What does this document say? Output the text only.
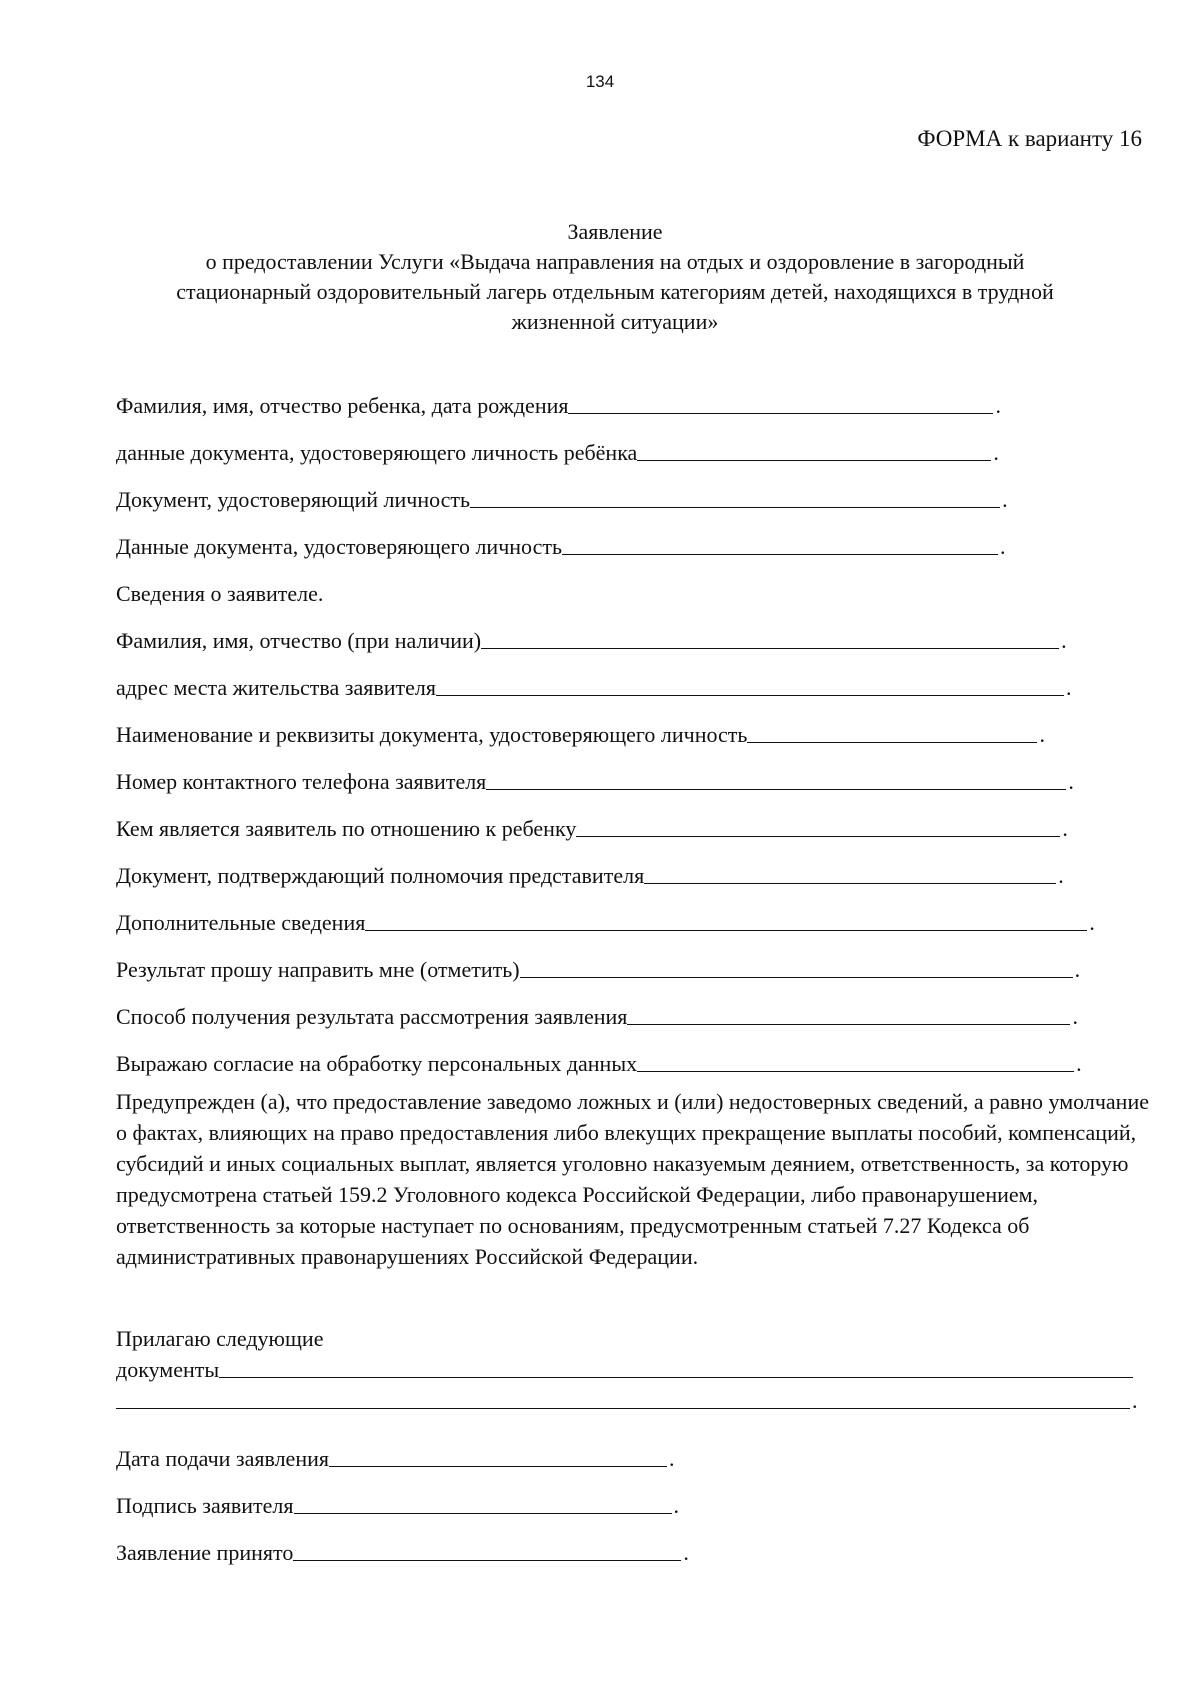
134
ФОРМА к варианту 16
Заявление
о предоставлении Услуги «Выдача направления на отдых и оздоровление в загородный
стационарный оздоровительный лагерь отдельным категориям детей, находящихся в трудной
жизненной ситуации»
Фамилия, имя, отчество ребенка, дата рождения	.
данные документа, удостоверяющего личность ребёнка	.
Документ, удостоверяющий личность	.
Данные документа, удостоверяющего личность	.
Сведения о заявителе.
Фамилия, имя, отчество (при наличии)	.
адрес места жительства заявителя	.
Наименование и реквизиты документа, удостоверяющего личность	.
Номер контактного телефона заявителя	.
Кем является заявитель по отношению к ребенку	.
Документ, подтверждающий полномочия представителя	.
Дополнительные сведения	.
Результат прошу направить мне (отметить)	.
Способ получения результата рассмотрения заявления	.
Выражаю согласие на обработку персональных данных	.
Предупрежден (а), что предоставление заведомо ложных и (или) недостоверных сведений, а равно умолчание о фактах, влияющих на право предоставления либо влекущих прекращение выплаты пособий, компенсаций, субсидий и иных социальных выплат, является уголовно наказуемым деянием, ответственность, за которую предусмотрена статьей 159.2 Уголовного кодекса Российской Федерации, либо правонарушением, ответственность за которые наступает по основаниям, предусмотренным статьей 7.27 Кодекса об административных правонарушениях Российской Федерации.
Прилагаю следующие
документы
.
Дата подачи заявления	.
Подпись заявителя	.
Заявление принято	.
